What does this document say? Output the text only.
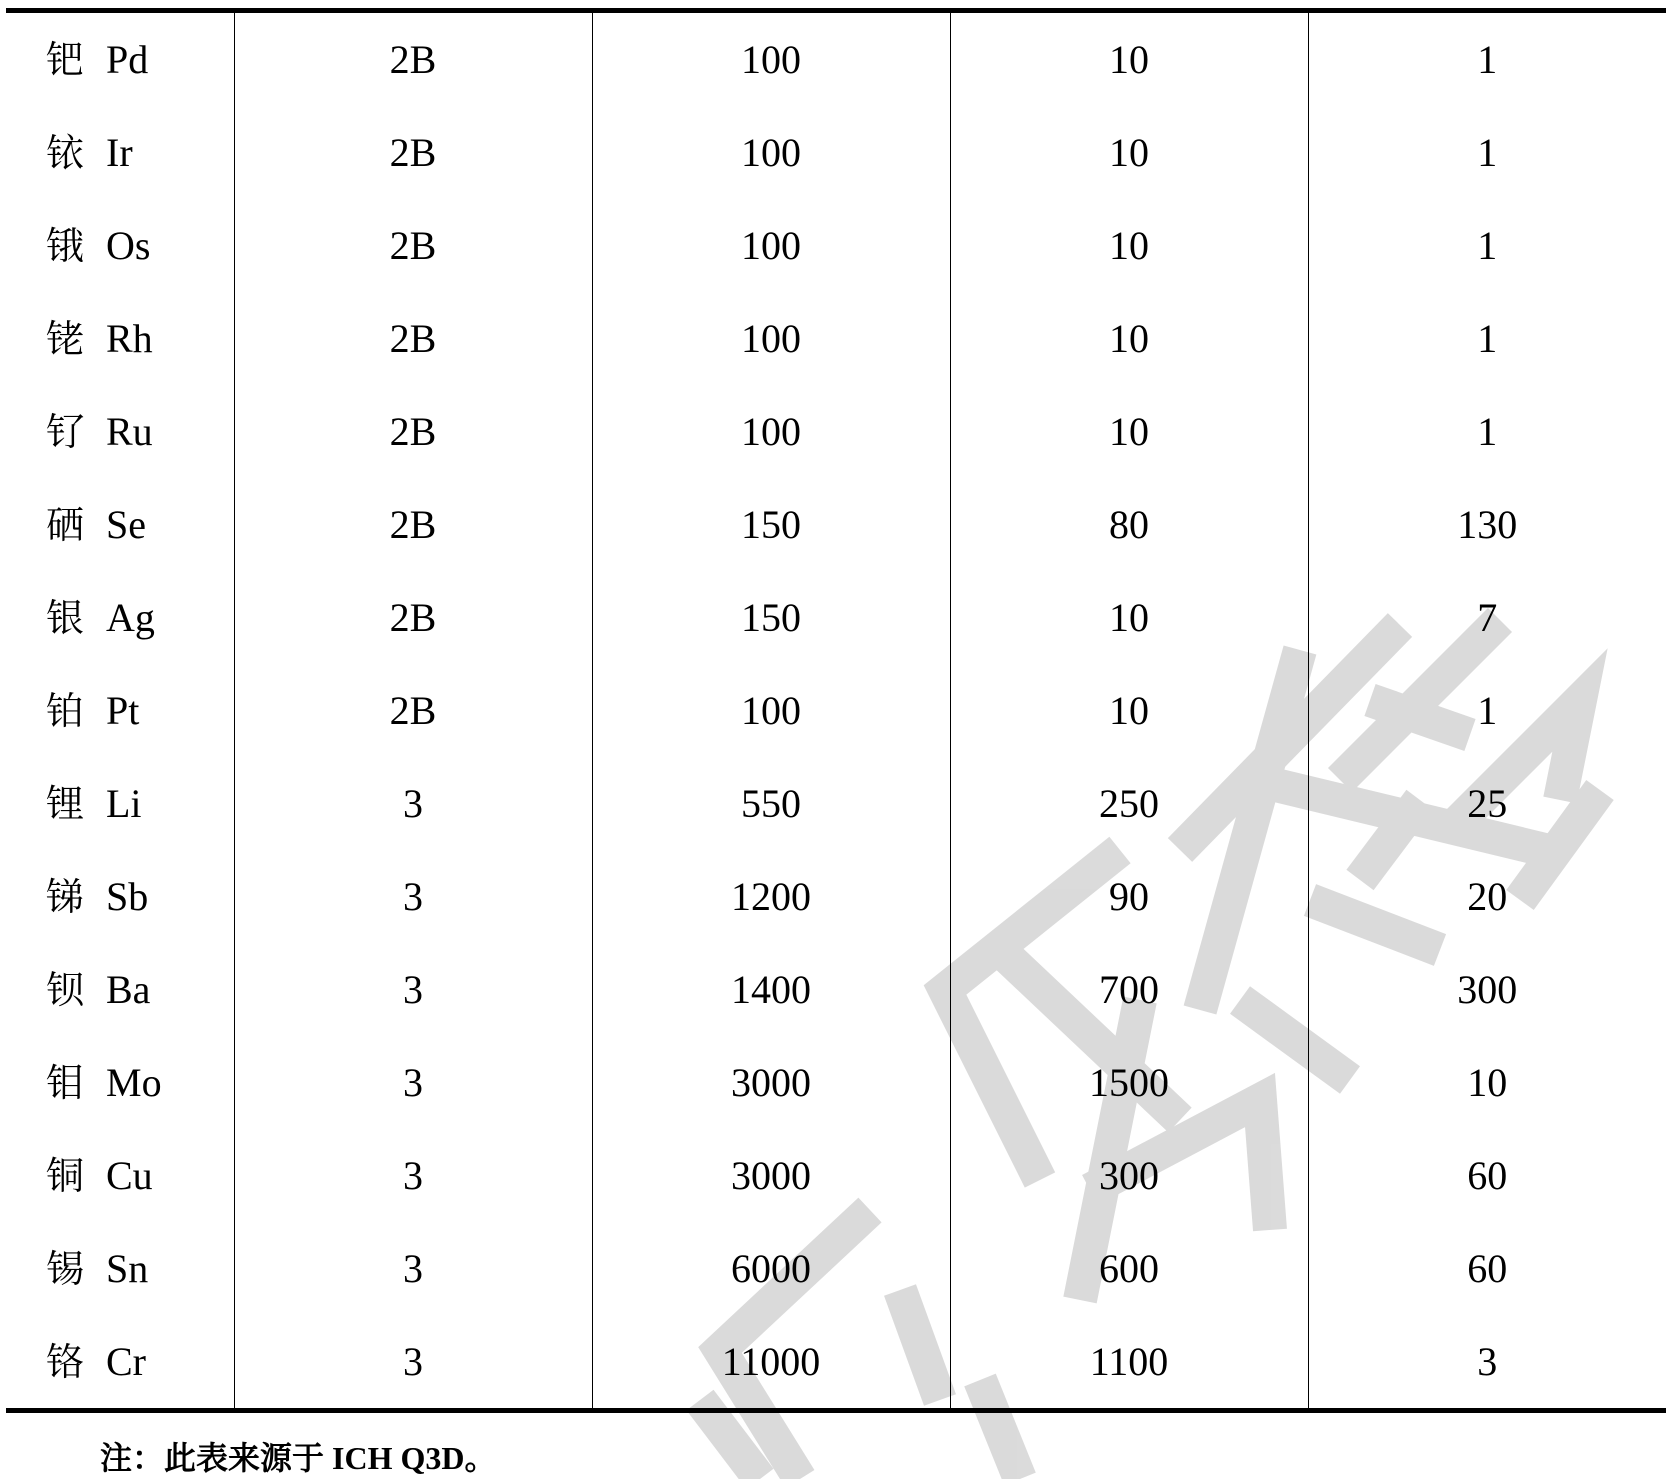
钯 Pd	2B	100	10	1
铱 Ir	2B	100	10	1
锇 Os	2B	100	10	1
铑 Rh	2B	100	10	1
钌 Ru	2B	100	10	1
硒 Se	2B	150	80	130
银 Ag	2B	150	10	7
铂 Pt	2B	100	10	1
锂 Li	3	550	250	25
锑 Sb	3	1200	90	20
钡 Ba	3	1400	700	300
钼 Mo	3	3000	1500	10
铜 Cu	3	3000	300	60
锡 Sn	3	6000	600	60
铬 Cr	3	11000	1100	3
注：此表来源于 ICH Q3D。
